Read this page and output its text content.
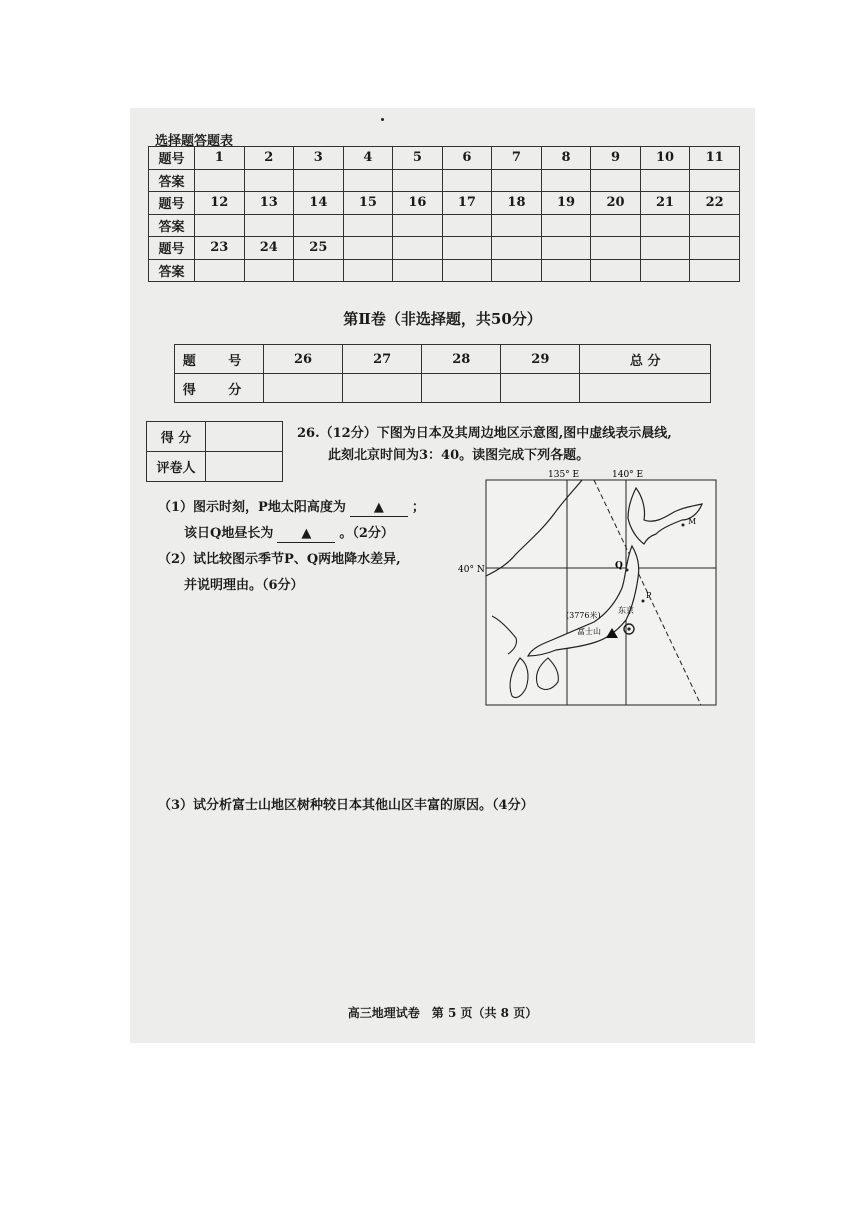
选择题答题表
题号	1	2	3	4	5	6	7	8	9	10	11
答案											
题号	12	13	14	15	16	17	18	19	20	21	22
答案											
题号	23	24	25								
答案											
第Ⅱ卷（非选择题，共50分）
题 号	26	27	28	29	总 分
得 分					
得 分	
评卷人	
26.（12分）下图为日本及其周边地区示意图,图中虚线表示晨线,
此刻北京时间为3：40。读图完成下列各题。
（1）图示时刻，P地太阳高度为 ▲ ；
该日Q地昼长为 ▲ 。（2分）
（2）试比较图示季节P、Q两地降水差异,
并说明理由。（6分）
135° E	140° E
40° N
M
Q
P
(3776米)
富士山
东京
（3）试分析富士山地区树种较日本其他山区丰富的原因。（4分）
高三地理试卷　第 5 页（共 8 页）
